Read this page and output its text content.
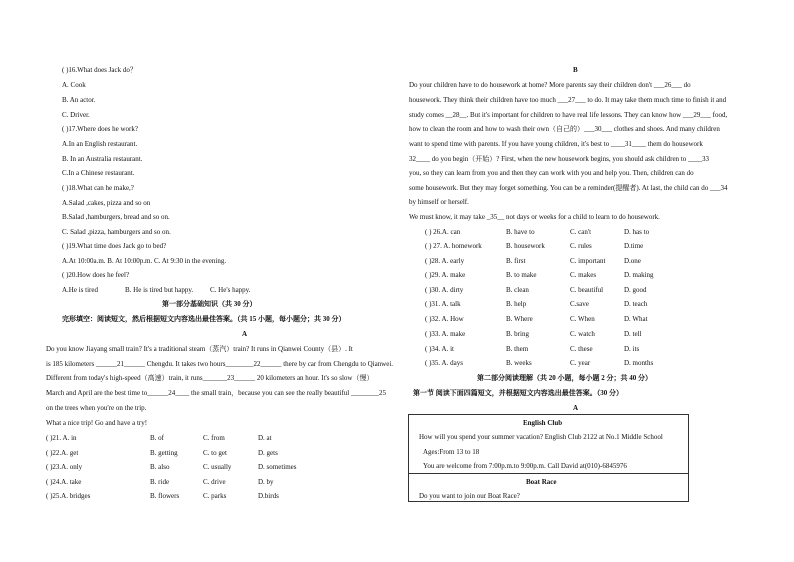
( )16.What does Jack do？
A. Cook
B. An actor.
C. Driver.
( )17.Where does he work?
A.In an English restaurant.
B. In an Australia restaurant.
C.In a Chinese restaurant.
( )18.What can he make,?
A.Salad ,cakes, pizza and so on
B.Salad ,hamburgers, bread and so on.
C. Salad ,pizza, hamburgers and so on.
( )19.What time does Jack go to bed?
A.At 10:00a.m. B. At 10:00p.m. C. At 9:30 in the evening.
( )20.How does he feel?
A.He is tired	B. He is tired but happy. C. He's happy.
第一部分基础知识（共 30 分）
完形填空：阅读短文，然后根据短文内容选出最佳答案。（共 15 小题，每小题分；共 30 分）
A
Do you know Jiayang small train? It's a traditional steam（蒸汽）train? It runs in Qianwei County（县）. It
is 185 kilometers ______21______ Chengdu. It takes two hours________22______ there by car from Chengdu to Qianwei.
Different from today's high-speed（高速）train, it runs_______23______ 20 kilometers an hour. It's so slow（慢）
March and April are the best time to______24____ the small train，because you can see the really beautiful ________25
on the trees when you're on the trip.
What a nice trip! Go and have a try!
( )21. A. in	B. of	C. from	D. at
( )22.A. get	B. getting	C. to get	D. gets
( )23.A. only	B. also	C. usually	D. sometimes
( )24.A. take	B. ride	C. drive	D. by
( )25.A. bridges	B. flowers	C. parks	D.birds
B
Do your children have to do housework at home? More parents say their children don't ___26___ do
housework. They think their children have too much ___27___ to do. It may take them much time to finish it and
study comes __28__. But it's important for children to have real life lessons. They can know how ___29___ food,
how to clean the room and how to wash their own（自己的）___30___ clothes and shoes. And many children
want to spend time with parents. If you have young children, it's best to ____31____ them do housework
32____ do you begin（开始）? First, when the new housework begins, you should ask children to ____33
you, so they can learn from you and then they can work with you and help you. Then, children can do
some housework. But they may forget something. You can be a reminder(提醒者). At last, the child can do ___34
by himself or herself.
We must know, it may take _35__ not days or weeks for a child to learn to do housework.
( ) 26.A. can	B. have to	C. can't	D. has to
( ) 27. A. homework	B. housework	C. rules	D.time
( )28. A. early	B. first	C. important	D.one
( )29. A. make	B. to make	C. makes	D. making
( )30. A. dirty	B. clean	C. beautiful	D. good
( )31. A. talk	B. help	C.save	D. teach
( )32. A. How	B. Where	C. When	D. What
( )33. A. make	B. bring	C. watch	D. tell
( )34. A. it	B. them	C. these	D. its
( )35. A. days	B. weeks	C. year	D. months
第二部分阅读理解（共 20 小题，每小题 2 分；共 40 分）
第一节 阅读下面四篇短文，并根据短文内容选出最佳答案。（30 分）
A
English Club
How will you spend your summer vacation? English Club 2122 at No.1 Middle School
Ages:From 13 to 18
You are welcome from 7:00p.m.to 9:00p.m. Call David at(010)-6845976
Boat Race
Do you want to join our Boat Race?
